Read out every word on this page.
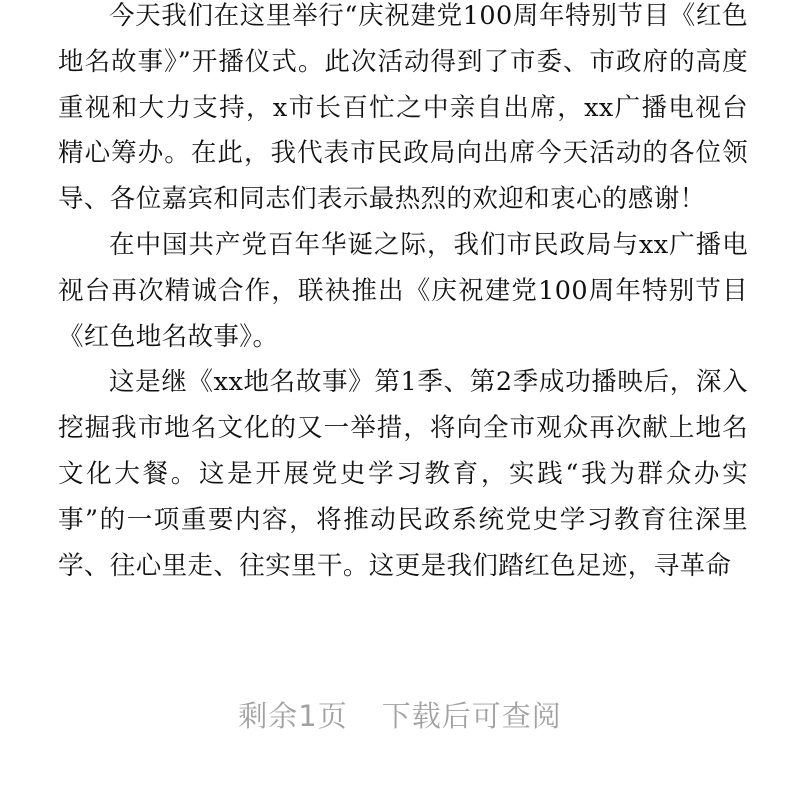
今天我们在这里举行“庆祝建党100周年特别节目《红色地名故事》”开播仪式。此次活动得到了市委、市政府的高度重视和大力支持，x市长百忙之中亲自出席，xx广播电视台精心筹办。在此，我代表市民政局向出席今天活动的各位领导、各位嘉宾和同志们表示最热烈的欢迎和衷心的感谢！

在中国共产党百年华诞之际，我们市民政局与xx广播电视台再次精诚合作，联袂推出《庆祝建党100周年特别节目《红色地名故事》。

这是继《xx地名故事》第1季、第2季成功播映后，深入挖掘我市地名文化的又一举措，将向全市观众再次献上地名文化大餐。这是开展党史学习教育，实践“我为群众办实事”的一项重要内容，将推动民政系统党史学习教育往深里学、往心里走、往实里干。这更是我们踏红色足迹，寻革命

剩余1页 下载后可查阅
